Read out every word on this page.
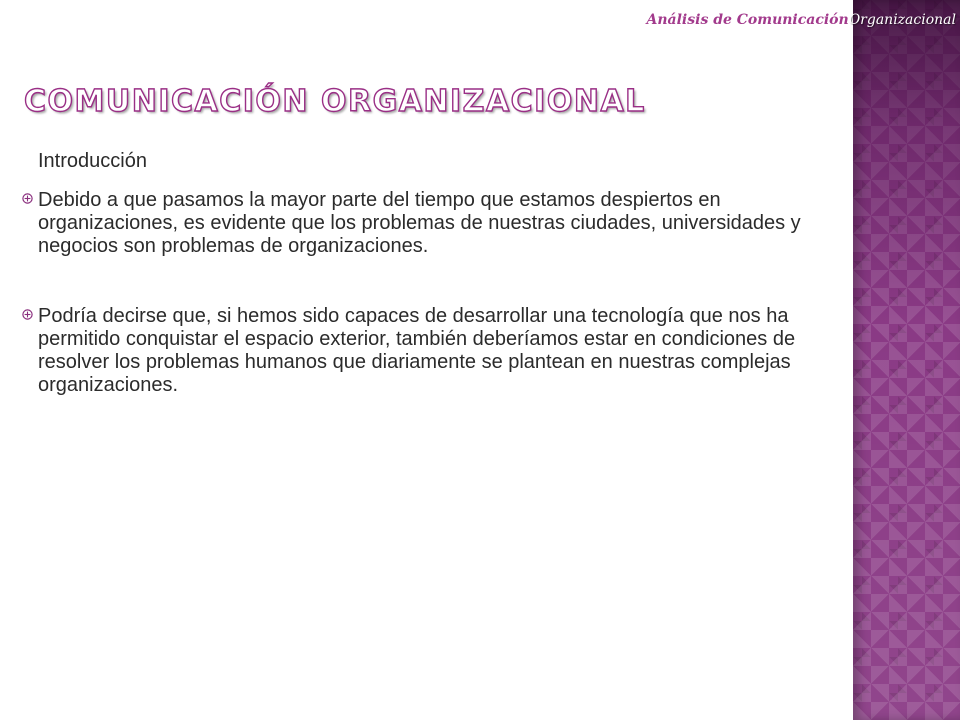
Análisis de ComunicaciónOrganizacional
COMUNICACIÓN ORGANIZACIONAL
Introducción
Debido a que pasamos la mayor parte del tiempo que estamos despiertos en organizaciones, es evidente que los problemas de nuestras ciudades, universidades y negocios son problemas de organizaciones.
Podría decirse que, si hemos sido capaces de desarrollar una tecnología que nos ha permitido conquistar el espacio exterior, también deberíamos estar en condiciones de resolver los problemas humanos que diariamente se plantean en nuestras complejas organizaciones.
